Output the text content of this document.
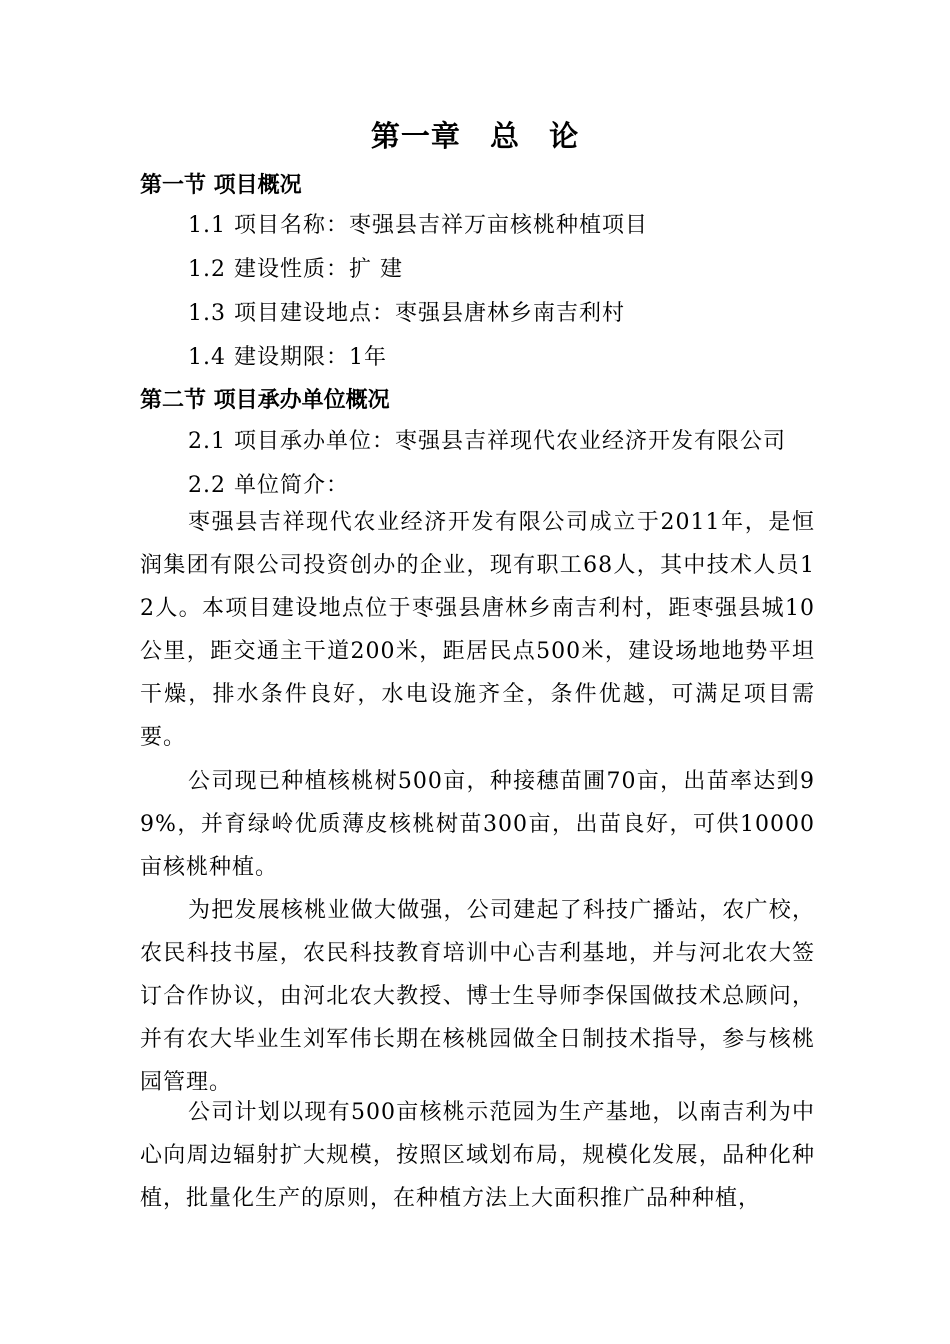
第一章 总 论
第一节 项目概况
1.1 项目名称：枣强县吉祥万亩核桃种植项目
1.2 建设性质：扩 建
1.3 项目建设地点：枣强县唐林乡南吉利村
1.4 建设期限：1年
第二节 项目承办单位概况
2.1 项目承办单位：枣强县吉祥现代农业经济开发有限公司
2.2 单位简介：
枣强县吉祥现代农业经济开发有限公司成立于2011年，是恒润集团有限公司投资创办的企业，现有职工68人，其中技术人员12人。本项目建设地点位于枣强县唐林乡南吉利村，距枣强县城10公里，距交通主干道200米，距居民点500米，建设场地地势平坦干燥，排水条件良好，水电设施齐全，条件优越，可满足项目需要。
公司现已种植核桃树500亩，种接穗苗圃70亩，出苗率达到99%，并育绿岭优质薄皮核桃树苗300亩，出苗良好，可供10000亩核桃种植。
为把发展核桃业做大做强，公司建起了科技广播站，农广校，农民科技书屋，农民科技教育培训中心吉利基地，并与河北农大签订合作协议，由河北农大教授、博士生导师李保国做技术总顾问，并有农大毕业生刘军伟长期在核桃园做全日制技术指导，参与核桃园管理。
公司计划以现有500亩核桃示范园为生产基地，以南吉利为中心向周边辐射扩大规模，按照区域划布局，规模化发展，品种化种植，批量化生产的原则，在种植方法上大面积推广品种种植，
